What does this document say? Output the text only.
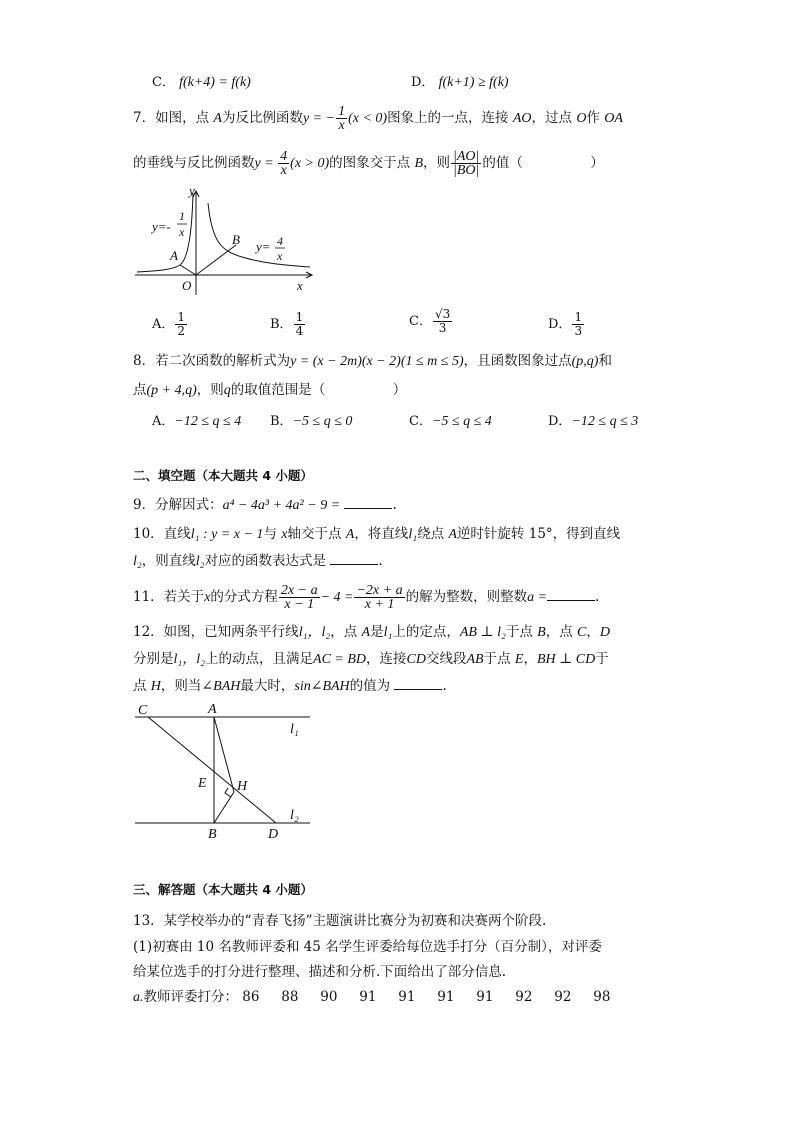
C． f(k+4) = f(k)	D． f(k+1) ≥ f(k)
7．如图，点 A为反比例函数y = − $\frac{1}{x} (x < 0)$图象上的一点，连接 AO，过点 O作 OA
的垂线与反比例函数$y = \frac{4}{x} (x > 0)$的图象交于点 B，则 $\frac{|AO|}{|BO|}$ 的值（　　　　　）
y
x
O
A
B
y=-
1
x
y= 4
x
A． $\frac{1}{2}$	B． $\frac{1}{4}$	C． $\frac{√3}{3}$	D． $\frac{1}{3}$
8．若二次函数的解析式为y = (x − 2m)(x − 2)(1 ≤ m ≤ 5)，且函数图象过点(p,q)和
点(p + 4,q)，则q的取值范围是（　　　　　）
A．−12 ≤ q ≤ 4 B．−5 ≤ q ≤ 0	C．−5 ≤ q ≤ 4	D．−12 ≤ q ≤ 3
二、填空题（本大题共 4 小题）
9．分解因式：a⁴ − 4a³ + 4a² − 9 =	.
10．直线l₁ : y = x − 1与 x轴交于点 A，将直线l₁绕点 A逆时针旋转 15°，得到直线
l₂，则直线l₂对应的函数表达式是	.
11．若关于x的分式方程 $\frac{2x - a}{x - 1} - 4 = \frac{-2x + a}{x + 1}$ 的解为整数，则整数a =	.
12．如图，已知两条平行线l₁，l₂，点 A是l₁上的定点，AB ⊥ l₂于点 B，点 C，D
分别是l₁，l₂上的动点，且满足AC = BD，连接CD交线段AB于点 E，BH ⊥ CD于
点 H，则当∠BAH最大时，sin∠BAH的值为	.
C	A
l₁
E H
l₂
B	D
三、解答题（本大题共 4 小题）
13．某学校举办的“青春飞扬”主题演讲比赛分为初赛和决赛两个阶段.
(1)初赛由 10 名教师评委和 45 名学生评委给每位选手打分（百分制），对评委
给某位选手的打分进行整理、描述和分析.下面给出了部分信息.
a.教师评委打分： 86 88 90 91 91 91 91 92 92 98
